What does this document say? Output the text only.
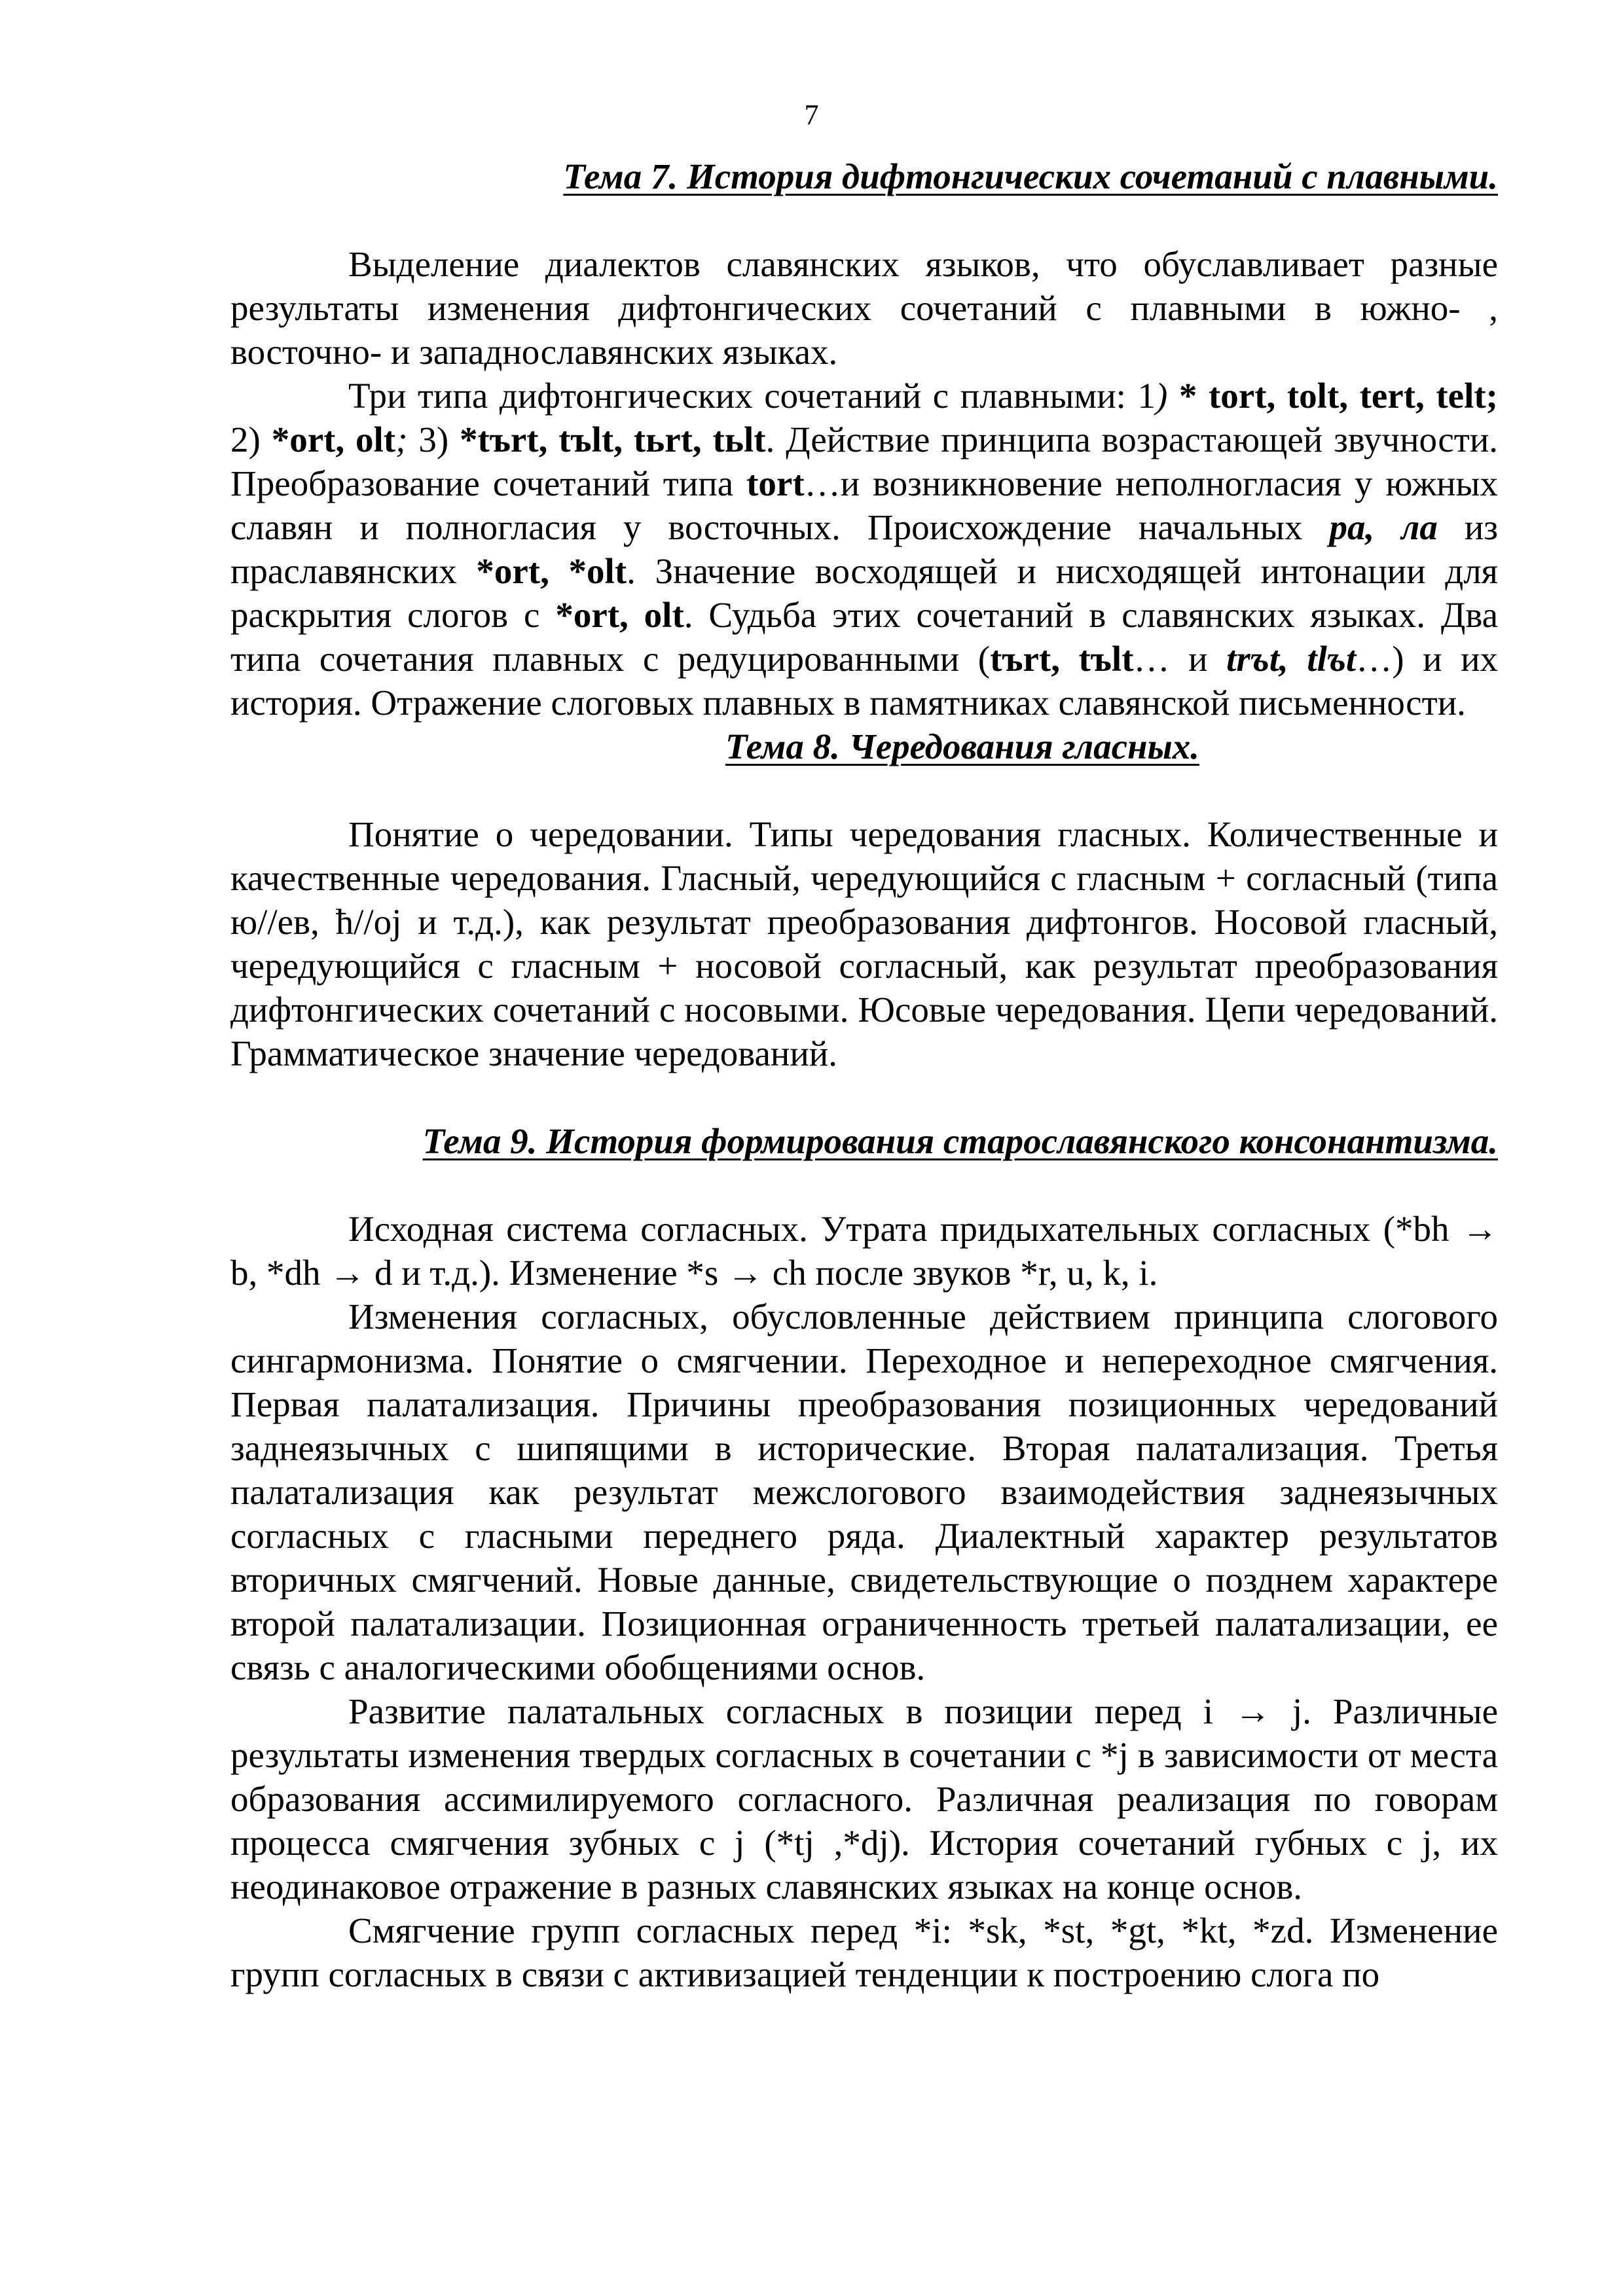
7
Тема 7. История дифтонгических сочетаний с плавными.

Выделение диалектов славянских языков, что обуславливает разные результаты изменения дифтонгических сочетаний с плавными в южно- , восточно- и западнославянских языках.

Три типа дифтонгических сочетаний с плавными: 1) * tort, tolt, tert, telt; 2) *ort, olt; 3) *tъrt, tъlt, tьrt, tьlt. Действие принципа возрастающей звучности. Преобразование сочетаний типа tort…и возникновение неполногласия у южных славян и полногласия у восточных. Происхождение начальных ра, ла из праславянских *ort, *olt. Значение восходящей и нисходящей интонации для раскрытия слогов с *ort, olt. Судьба этих сочетаний в славянских языках. Два типа сочетания плавных с редуцированными (tъrt, tъlt… и trъt, tlъt…) и их история. Отражение слоговых плавных в памятниках славянской письменности.

Тема 8. Чередования гласных.

Понятие о чередовании. Типы чередования гласных. Количественные и качественные чередования. Гласный, чередующийся с гласным + согласный (типа ю//ев, ћ//oj и т.д.), как результат преобразования дифтонгов. Носовой гласный, чередующийся с гласным + носовой согласный, как результат преобразования дифтонгических сочетаний с носовыми. Юсовые чередования. Цепи чередований. Грамматическое значение чередований.

Тема 9. История формирования старославянского консонантизма.

Исходная система согласных. Утрата придыхательных согласных (*bh → b, *dh → d и т.д.). Изменение *s → ch после звуков *r, u, k, i.

Изменения согласных, обусловленные действием принципа слогового сингармонизма. Понятие о смягчении. Переходное и непереходное смягчения. Первая палатализация. Причины преобразования позиционных чередований заднеязычных с шипящими в исторические. Вторая палатализация. Третья палатализация как результат межслогового взаимодействия заднеязычных согласных с гласными переднего ряда. Диалектный характер результатов вторичных смягчений. Новые данные, свидетельствующие о позднем характере второй палатализации. Позиционная ограниченность третьей палатализации, ее связь с аналогическими обобщениями основ.

Развитие палатальных согласных в позиции перед i → j. Различные результаты изменения твердых согласных в сочетании с *j в зависимости от места образования ассимилируемого согласного. Различная реализация по говорам процесса смягчения зубных с j (*tj ,*dj). История сочетаний губных с j, их неодинаковое отражение в разных славянских языках на конце основ.

Смягчение групп согласных перед *i: *sk, *st, *gt, *kt, *zd. Изменение групп согласных в связи с активизацией тенденции к построению слога по
